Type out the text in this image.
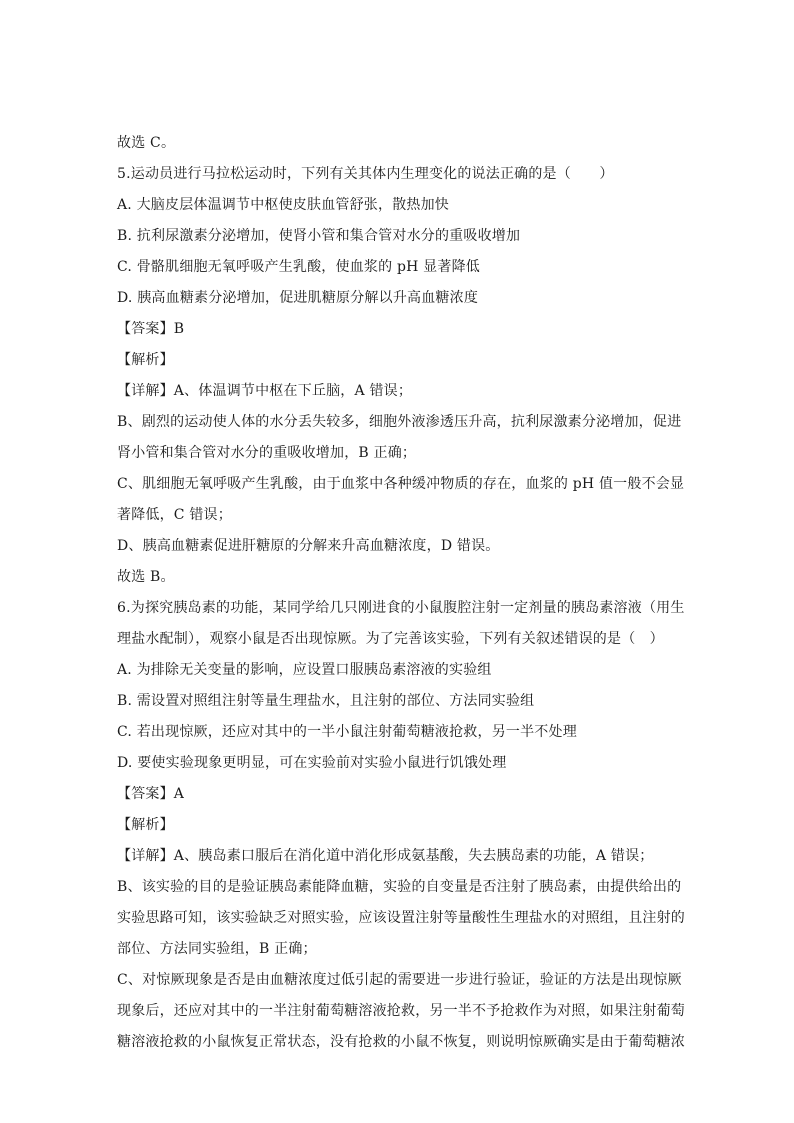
故选 C。
5.运动员进行马拉松运动时，下列有关其体内生理变化的说法正确的是（　　）
A. 大脑皮层体温调节中枢使皮肤血管舒张，散热加快
B. 抗利尿激素分泌增加，使肾小管和集合管对水分的重吸收增加
C. 骨骼肌细胞无氧呼吸产生乳酸，使血浆的 pH 显著降低
D. 胰高血糖素分泌增加，促进肌糖原分解以升高血糖浓度
【答案】B
【解析】
【详解】A、体温调节中枢在下丘脑，A 错误；
B、剧烈的运动使人体的水分丢失较多，细胞外液渗透压升高，抗利尿激素分泌增加，促进
肾小管和集合管对水分的重吸收增加，B 正确；
C、肌细胞无氧呼吸产生乳酸，由于血浆中各种缓冲物质的存在，血浆的 pH 值一般不会显
著降低，C 错误；
D、胰高血糖素促进肝糖原的分解来升高血糖浓度，D 错误。
故选 B。
6.为探究胰岛素的功能，某同学给几只刚进食的小鼠腹腔注射一定剂量的胰岛素溶液（用生
理盐水配制），观察小鼠是否出现惊厥。为了完善该实验，下列有关叙述错误的是（　）
A. 为排除无关变量的影响，应设置口服胰岛素溶液的实验组
B. 需设置对照组注射等量生理盐水，且注射的部位、方法同实验组
C. 若出现惊厥，还应对其中的一半小鼠注射葡萄糖液抢救，另一半不处理
D. 要使实验现象更明显，可在实验前对实验小鼠进行饥饿处理
【答案】A
【解析】
【详解】A、胰岛素口服后在消化道中消化形成氨基酸，失去胰岛素的功能，A 错误；
B、该实验的目的是验证胰岛素能降血糖，实验的自变量是否注射了胰岛素，由提供给出的
实验思路可知，该实验缺乏对照实验，应该设置注射等量酸性生理盐水的对照组，且注射的
部位、方法同实验组，B 正确；
C、对惊厥现象是否是由血糖浓度过低引起的需要进一步进行验证，验证的方法是出现惊厥
现象后，还应对其中的一半注射葡萄糖溶液抢救，另一半不予抢救作为对照，如果注射葡萄
糖溶液抢救的小鼠恢复正常状态，没有抢救的小鼠不恢复，则说明惊厥确实是由于葡萄糖浓
